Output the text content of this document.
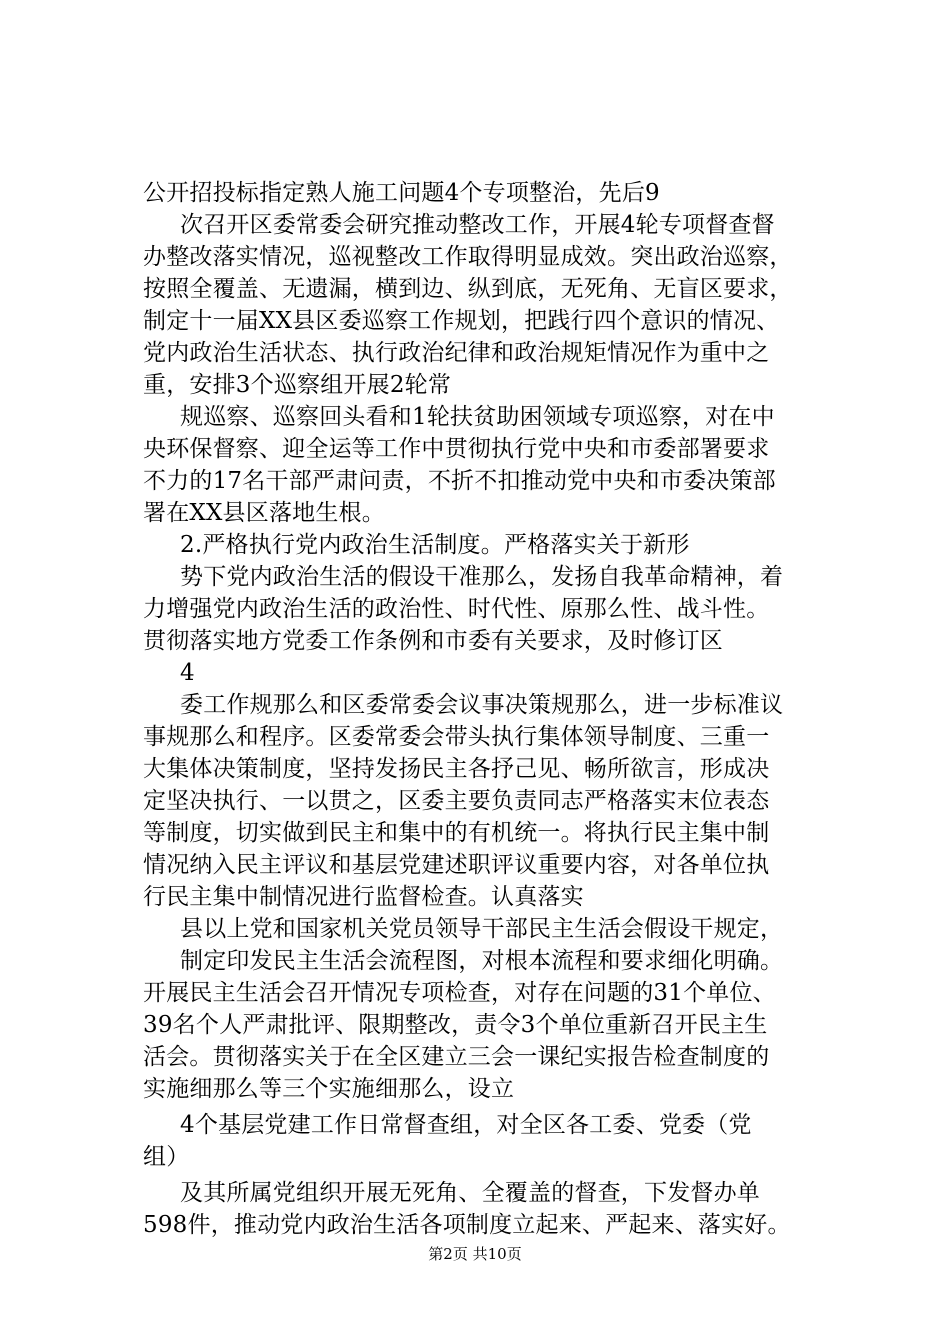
公开招投标指定熟人施工问题4个专项整治，先后9
次召开区委常委会研究推动整改工作，开展4轮专项督查督
办整改落实情况，巡视整改工作取得明显成效。突出政治巡察，
按照全覆盖、无遗漏，横到边、纵到底，无死角、无盲区要求，
制定十一届XX县区委巡察工作规划，把践行四个意识的情况、
党内政治生活状态、执行政治纪律和政治规矩情况作为重中之
重，安排3个巡察组开展2轮常
规巡察、巡察回头看和1轮扶贫助困领域专项巡察，对在中
央环保督察、迎全运等工作中贯彻执行党中央和市委部署要求
不力的17名干部严肃问责，不折不扣推动党中央和市委决策部
署在XX县区落地生根。
2.严格执行党内政治生活制度。严格落实关于新形
势下党内政治生活的假设干准那么，发扬自我革命精神，着
力增强党内政治生活的政治性、时代性、原那么性、战斗性。
贯彻落实地方党委工作条例和市委有关要求，及时修订区
4
委工作规那么和区委常委会议事决策规那么，进一步标准议
事规那么和程序。区委常委会带头执行集体领导制度、三重一
大集体决策制度，坚持发扬民主各抒己见、畅所欲言，形成决
定坚决执行、一以贯之，区委主要负责同志严格落实末位表态
等制度，切实做到民主和集中的有机统一。将执行民主集中制
情况纳入民主评议和基层党建述职评议重要内容，对各单位执
行民主集中制情况进行监督检查。认真落实
县以上党和国家机关党员领导干部民主生活会假设干规定，
制定印发民主生活会流程图，对根本流程和要求细化明确。
开展民主生活会召开情况专项检查，对存在问题的31个单位、
39名个人严肃批评、限期整改，责令3个单位重新召开民主生
活会。贯彻落实关于在全区建立三会一课纪实报告检查制度的
实施细那么等三个实施细那么，设立
4个基层党建工作日常督查组，对全区各工委、党委（党
组）
及其所属党组织开展无死角、全覆盖的督查，下发督办单
598件，推动党内政治生活各项制度立起来、严起来、落实好。
第2页 共10页
